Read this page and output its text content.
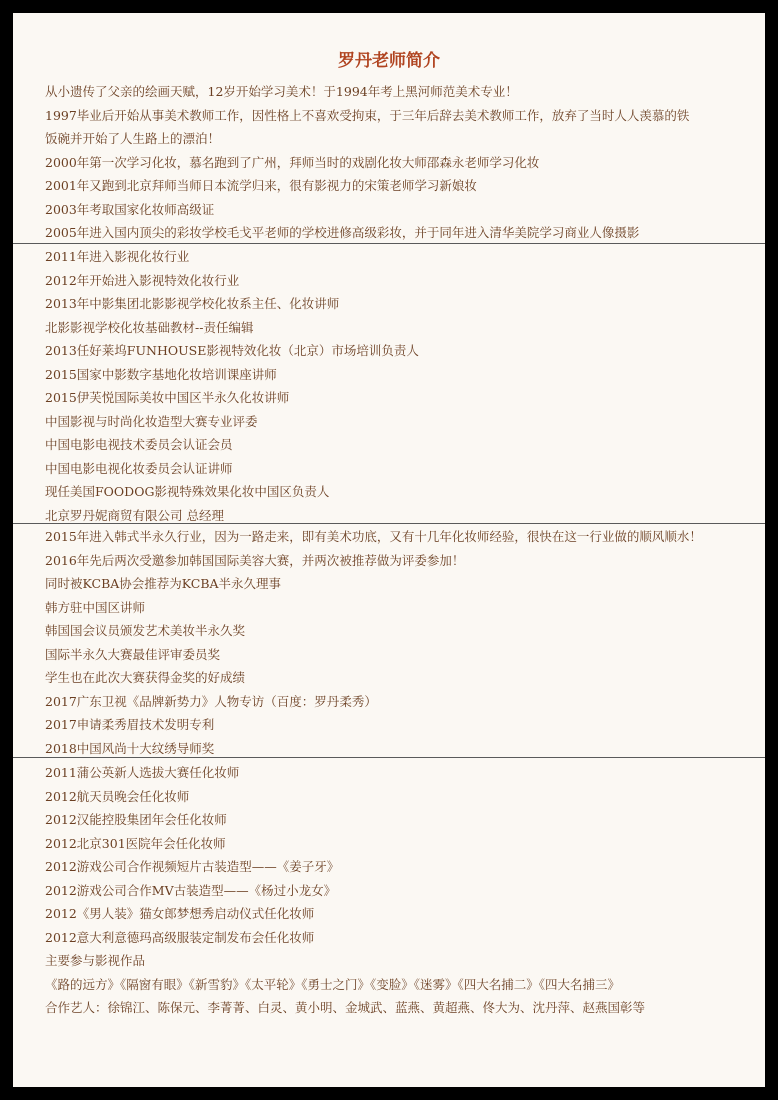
罗丹老师简介
从小遗传了父亲的绘画天赋，12岁开始学习美术！于1994年考上黑河师范美术专业！
1997毕业后开始从事美术教师工作，因性格上不喜欢受拘束，于三年后辞去美术教师工作，放弃了当时人人羡慕的铁
饭碗并开始了人生路上的漂泊！
2000年第一次学习化妆，慕名跑到了广州，拜师当时的戏剧化妆大师邵森永老师学习化妆
2001年又跑到北京拜师当师日本流学归来，很有影视力的宋策老师学习新娘妆
2003年考取国家化妆师高级证
2005年进入国内顶尖的彩妆学校毛戈平老师的学校进修高级彩妆，并于同年进入清华美院学习商业人像摄影
2011年进入影视化妆行业
2012年开始进入影视特效化妆行业
2013年中影集团北影影视学校化妆系主任、化妆讲师
北影影视学校化妆基础教材--责任编辑
2013任好莱坞FUNHOUSE影视特效化妆（北京）市场培训负责人
2015国家中影数字基地化妆培训课座讲师
2015伊芙悦国际美妆中国区半永久化妆讲师
中国影视与时尚化妆造型大赛专业评委
中国电影电视技术委员会认证会员
中国电影电视化妆委员会认证讲师
现任美国FOODOG影视特殊效果化妆中国区负责人
北京罗丹妮商贸有限公司 总经理
2015年进入韩式半永久行业，因为一路走来，即有美术功底，又有十几年化妆师经验，很快在这一行业做的顺风顺水！
2016年先后两次受邀参加韩国国际美容大赛，并两次被推荐做为评委参加！
同时被KCBA协会推荐为KCBA半永久理事
韩方驻中国区讲师
韩国国会议员颁发艺术美妆半永久奖
国际半永久大赛最佳评审委员奖
学生也在此次大赛获得金奖的好成绩
2017广东卫视《品牌新势力》人物专访（百度：罗丹柔秀）
2017申请柔秀眉技术发明专利
2018中国风尚十大纹绣导师奖
2011蒲公英新人选拔大赛任化妆师
2012航天员晚会任化妆师
2012汉能控股集团年会任化妆师
2012北京301医院年会任化妆师
2012游戏公司合作视频短片古装造型——《姜子牙》
2012游戏公司合作MV古装造型——《杨过小龙女》
2012《男人装》猫女郎梦想秀启动仪式任化妆师
2012意大利意德玛高级服装定制发布会任化妆师
主要参与影视作品
《路的远方》《隔窗有眼》《新雪豹》《太平轮》《勇士之门》《变脸》《迷雾》《四大名捕二》《四大名捕三》
合作艺人：徐锦江、陈保元、李菁菁、白灵、黄小明、金城武、蓝燕、黄超燕、佟大为、沈丹萍、赵燕国彰等
